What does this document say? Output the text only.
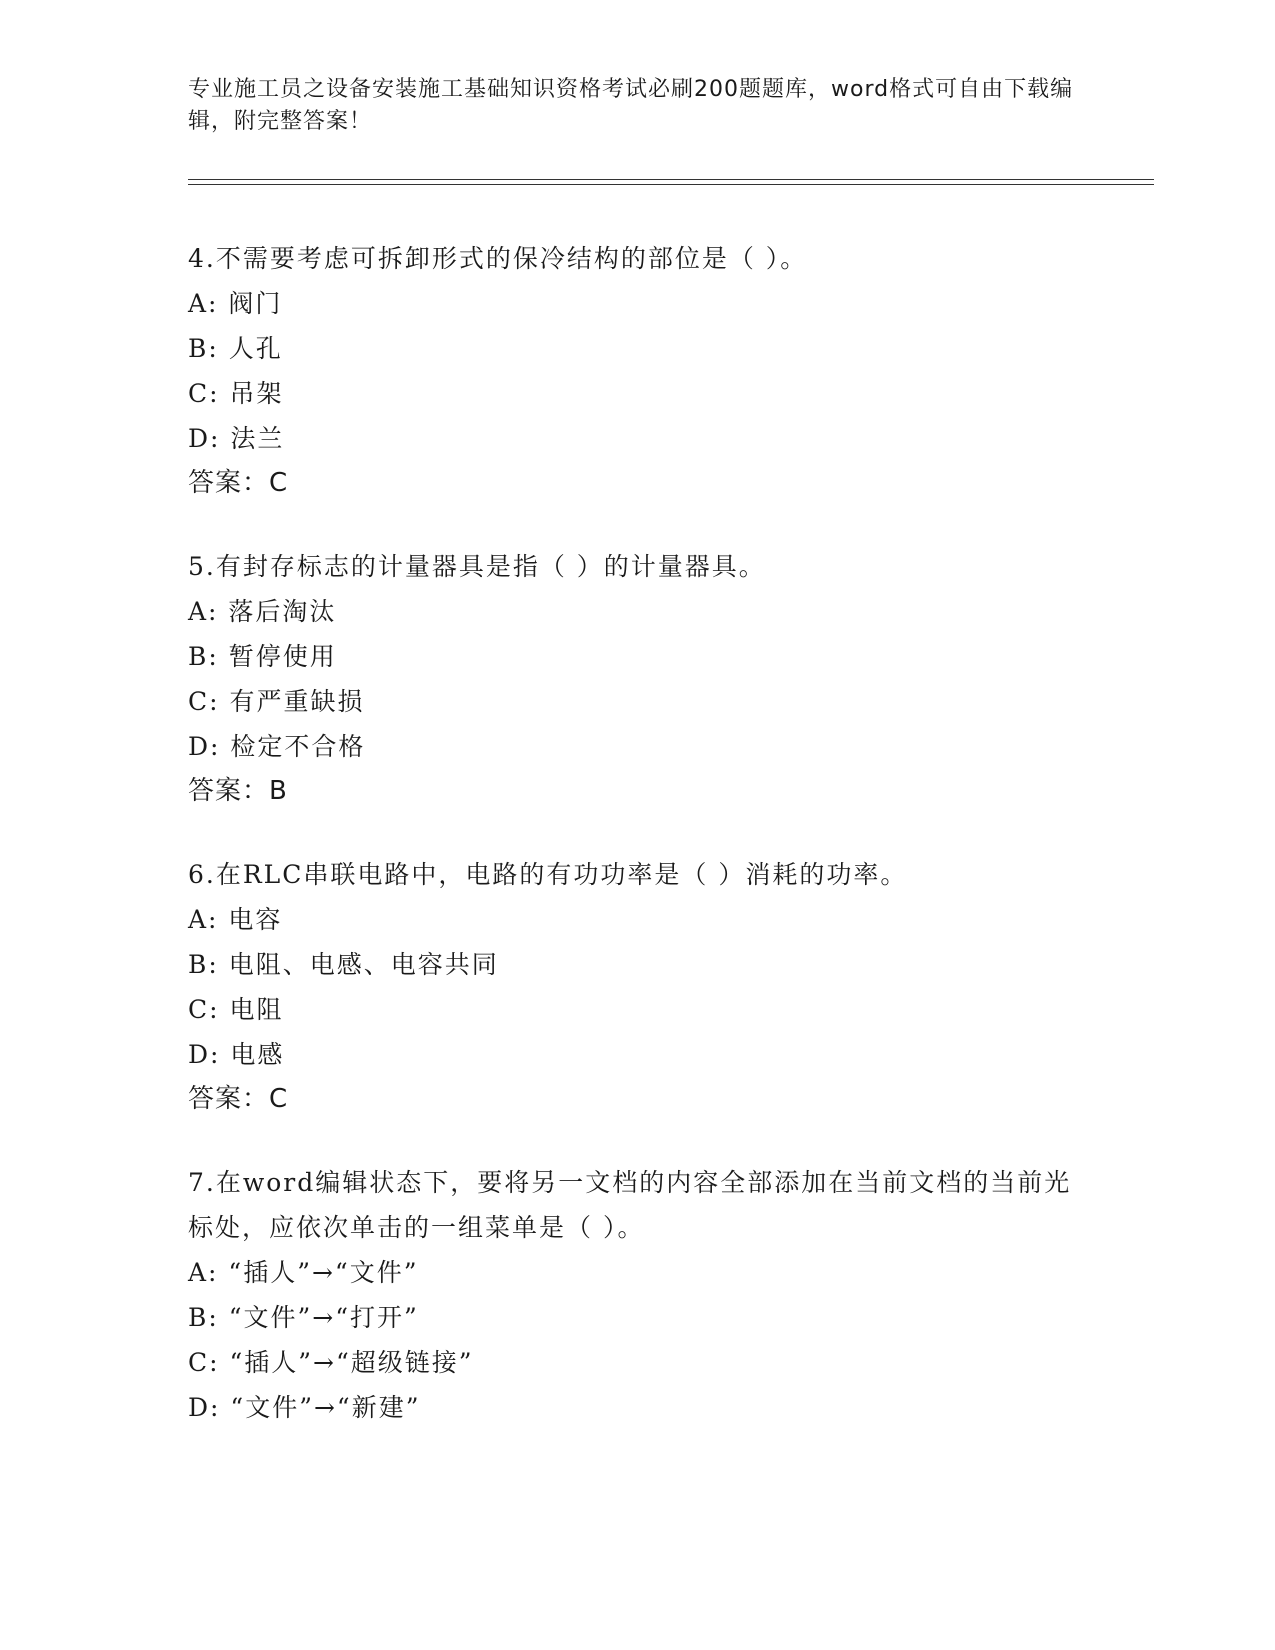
专业施工员之设备安装施工基础知识资格考试必刷200题题库，word格式可自由下载编辑，附完整答案！
4.不需要考虑可拆卸形式的保冷结构的部位是（ ）。
A: 阀门
B: 人孔
C: 吊架
D: 法兰
答案：C
5.有封存标志的计量器具是指（ ）的计量器具。
A: 落后淘汰
B: 暂停使用
C: 有严重缺损
D: 检定不合格
答案：B
6.在RLC串联电路中，电路的有功功率是（ ）消耗的功率。
A: 电容
B: 电阻、电感、电容共同
C: 电阻
D: 电感
答案：C
7.在word编辑状态下，要将另一文档的内容全部添加在当前文档的当前光标处，应依次单击的一组菜单是（ ）。
A: “插人”→“文件”
B: “文件”→“打开”
C: “插人”→“超级链接”
D: “文件”→“新建”
